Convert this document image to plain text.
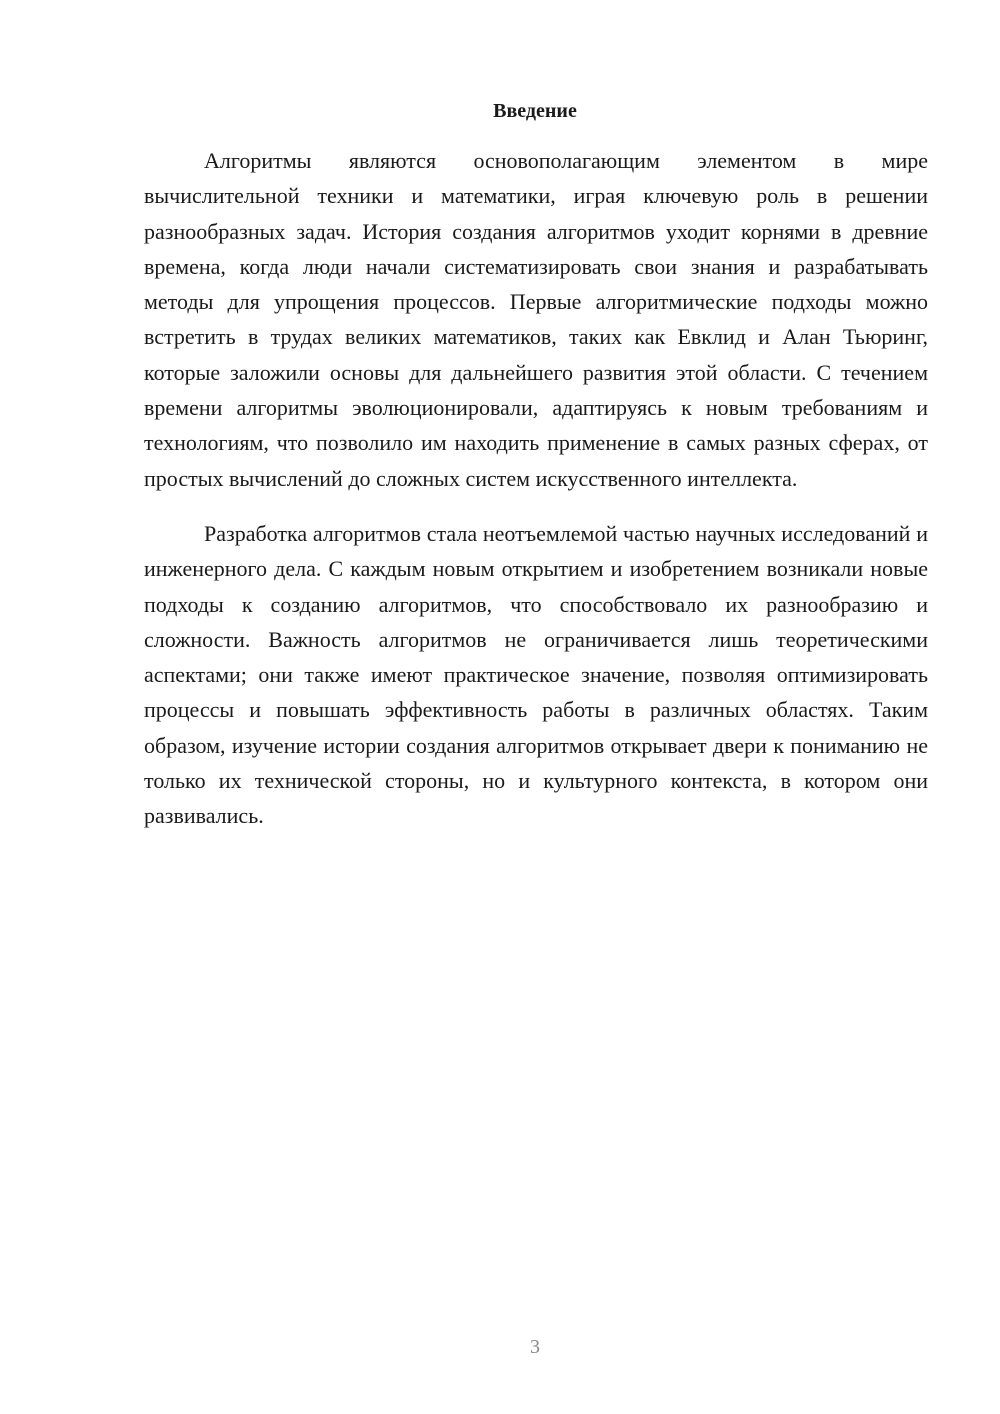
Введение

Алгоритмы являются основополагающим элементом в мире вычислительной техники и математики, играя ключевую роль в решении разнообразных задач. История создания алгоритмов уходит корнями в древние времена, когда люди начали систематизировать свои знания и разрабатывать методы для упрощения процессов. Первые алгоритмические подходы можно встретить в трудах великих математиков, таких как Евклид и Алан Тьюринг, которые заложили основы для дальнейшего развития этой области. С течением времени алгоритмы эволюционировали, адаптируясь к новым требованиям и технологиям, что позволило им находить применение в самых разных сферах, от простых вычислений до сложных систем искусственного интеллекта.

Разработка алгоритмов стала неотъемлемой частью научных исследований и инженерного дела. С каждым новым открытием и изобретением возникали новые подходы к созданию алгоритмов, что способствовало их разнообразию и сложности. Важность алгоритмов не ограничивается лишь теоретическими аспектами; они также имеют практическое значение, позволяя оптимизировать процессы и повышать эффективность работы в различных областях. Таким образом, изучение истории создания алгоритмов открывает двери к пониманию не только их технической стороны, но и культурного контекста, в котором они развивались.

3
